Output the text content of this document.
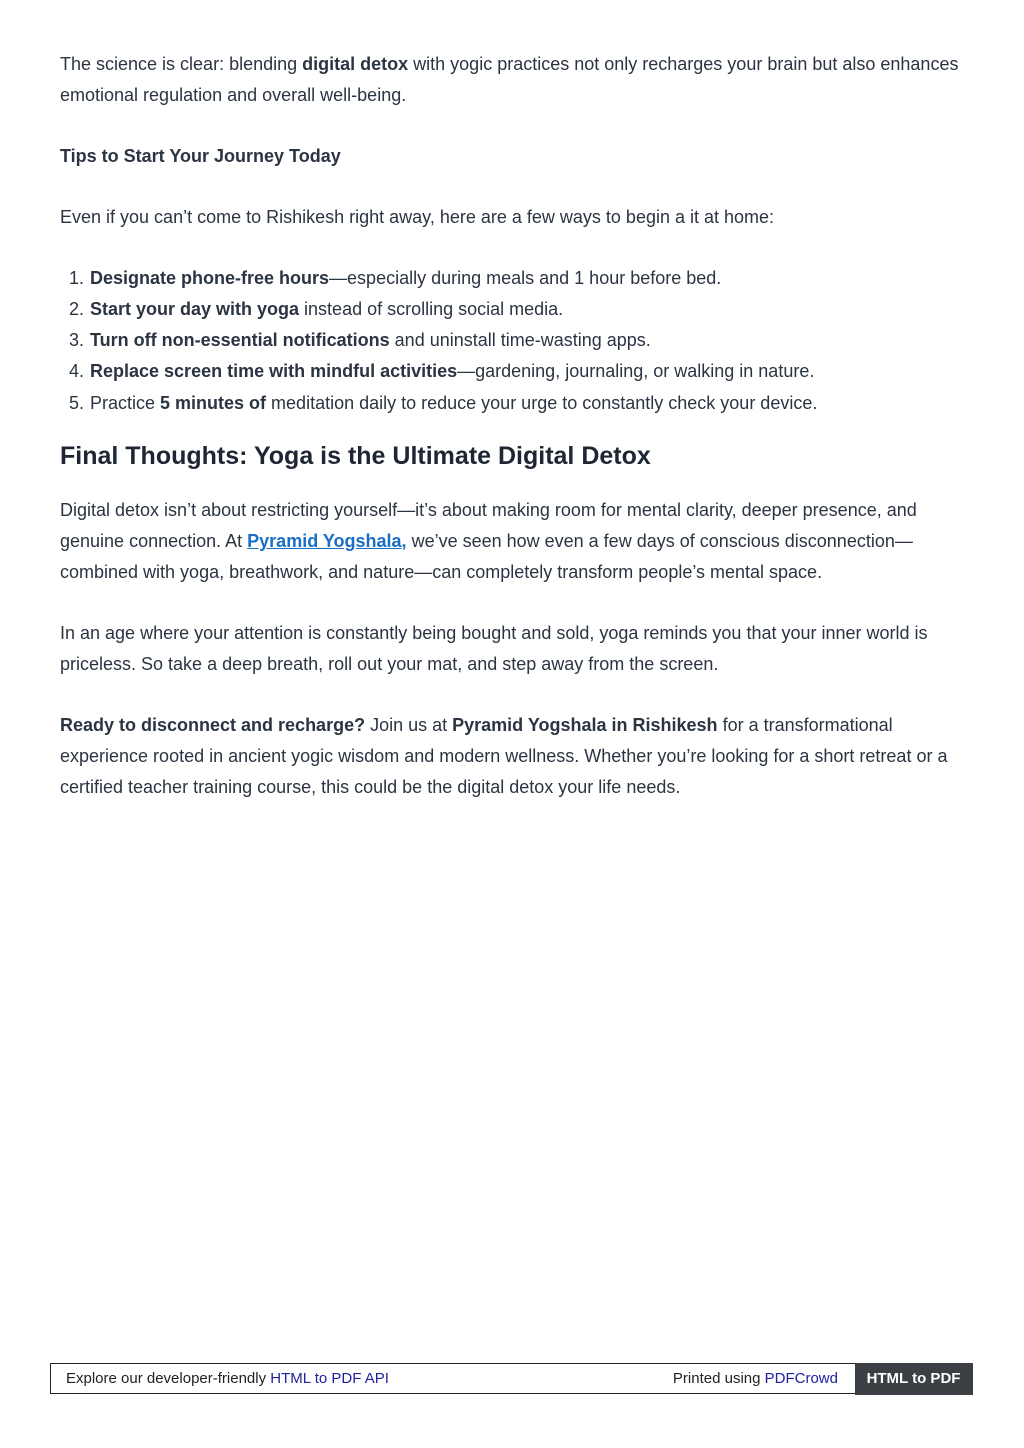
The science is clear: blending digital detox with yogic practices not only recharges your brain but also enhances emotional regulation and overall well-being.

Tips to Start Your Journey Today

Even if you can’t come to Rishikesh right away, here are a few ways to begin a it at home:

Designate phone-free hours—especially during meals and 1 hour before bed.
Start your day with yoga instead of scrolling social media.
Turn off non-essential notifications and uninstall time-wasting apps.
Replace screen time with mindful activities—gardening, journaling, or walking in nature.
Practice 5 minutes of meditation daily to reduce your urge to constantly check your device.
Final Thoughts: Yoga is the Ultimate Digital Detox

Digital detox isn’t about restricting yourself—it’s about making room for mental clarity, deeper presence, and genuine connection. At Pyramid Yogshala, we’ve seen how even a few days of conscious disconnection—combined with yoga, breathwork, and nature—can completely transform people’s mental space.

In an age where your attention is constantly being bought and sold, yoga reminds you that your inner world is priceless. So take a deep breath, roll out your mat, and step away from the screen.

Ready to disconnect and recharge? Join us at Pyramid Yogshala in Rishikesh for a transformational experience rooted in ancient yogic wisdom and modern wellness. Whether you’re looking for a short retreat or a certified teacher training course, this could be the digital detox your life needs.

Explore our developer-friendly HTML to PDF API	Printed using PDFCrowd	HTML to PDF
